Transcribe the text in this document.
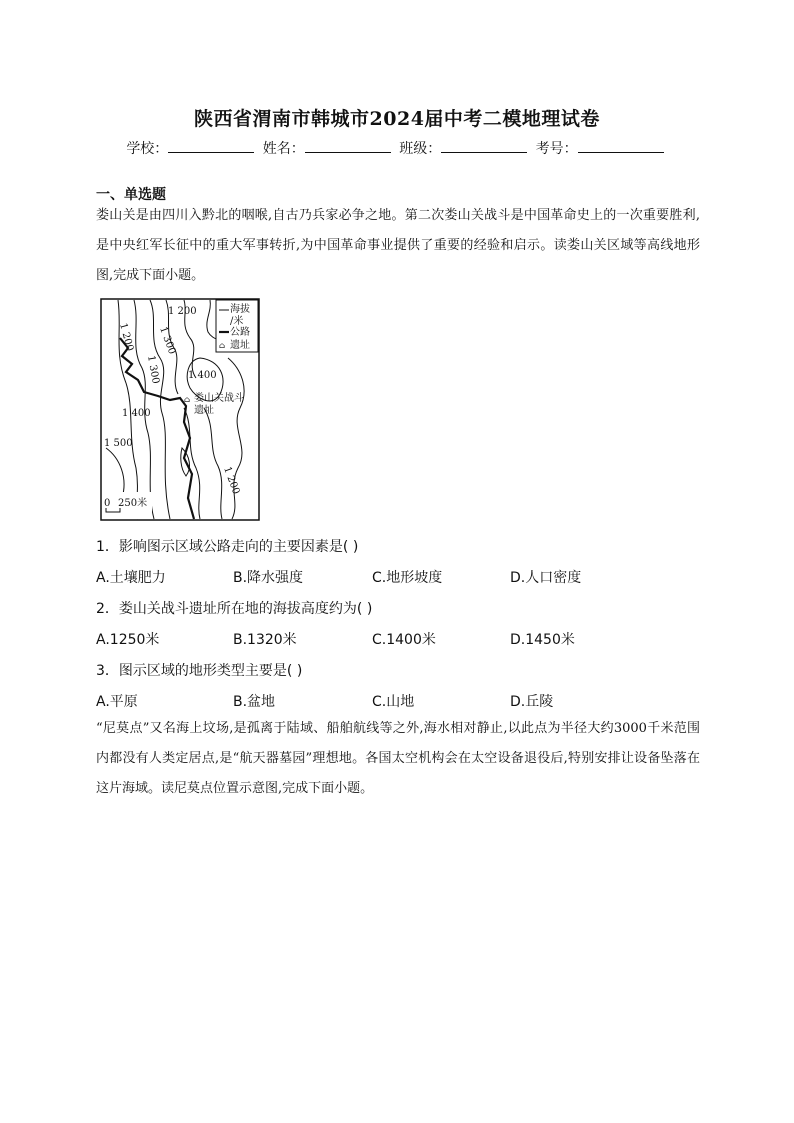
陕西省渭南市韩城市2024届中考二模地理试卷
学校：	姓名：	班级：	考号：
一、单选题
娄山关是由四川入黔北的咽喉,自古乃兵家必争之地。第二次娄山关战斗是中国革命史上的一次重要胜利,是中央红军长征中的重大军事转折,为中国革命事业提供了重要的经验和启示。读娄山关区域等高线地形图,完成下面小题。
海拔
/米
公路
⌂ 遗址
1 200
1 200 1 300
1 300	1 400
1 400
1 500
1 200
⌂ 娄山关战斗
遗址
0 250米
1．影响图示区域公路走向的主要因素是( )
A.土壤肥力	B.降水强度	C.地形坡度	D.人口密度
2．娄山关战斗遗址所在地的海拔高度约为( )
A.1250米	B.1320米	C.1400米	D.1450米
3．图示区域的地形类型主要是( )
A.平原	B.盆地	C.山地	D.丘陵
“尼莫点”又名海上坟场,是孤离于陆域、船舶航线等之外,海水相对静止,以此点为半径大约3000千米范围内都没有人类定居点,是“航天器墓园”理想地。各国太空机构会在太空设备退役后,特别安排让设备坠落在这片海域。读尼莫点位置示意图,完成下面小题。
